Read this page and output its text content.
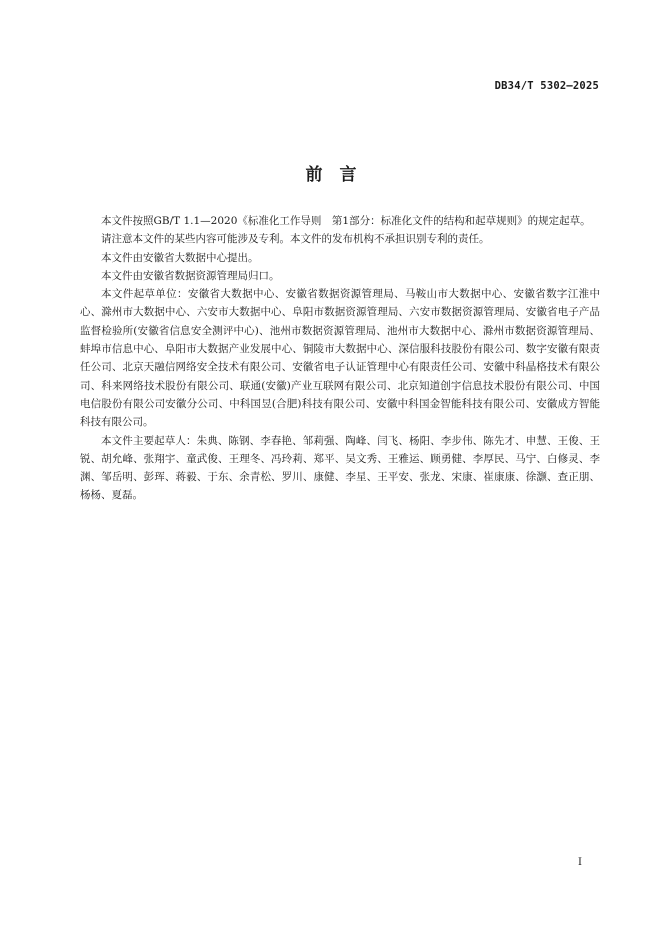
DB34/T 5302—2025
前　言

本文件按照GB/T 1.1—2020《标准化工作导则　第1部分：标准化文件的结构和起草规则》的规定起草。

请注意本文件的某些内容可能涉及专利。本文件的发布机构不承担识别专利的责任。

本文件由安徽省大数据中心提出。

本文件由安徽省数据资源管理局归口。

本文件起草单位：安徽省大数据中心、安徽省数据资源管理局、马鞍山市大数据中心、安徽省数字江淮中心、滁州市大数据中心、六安市大数据中心、阜阳市数据资源管理局、六安市数据资源管理局、安徽省电子产品监督检验所(安徽省信息安全测评中心)、池州市数据资源管理局、池州市大数据中心、滁州市数据资源管理局、蚌埠市信息中心、阜阳市大数据产业发展中心、铜陵市大数据中心、深信服科技股份有限公司、数字安徽有限责任公司、北京天融信网络安全技术有限公司、安徽省电子认证管理中心有限责任公司、安徽中科晶格技术有限公司、科来网络技术股份有限公司、联通(安徽)产业互联网有限公司、北京知道创宇信息技术股份有限公司、中国电信股份有限公司安徽分公司、中科国昱(合肥)科技有限公司、安徽中科国金智能科技有限公司、安徽成方智能科技有限公司。

本文件主要起草人：朱典、陈钢、李春艳、邹莉强、陶峰、闫飞、杨阳、李步伟、陈先才、申慧、王俊、王锐、胡允峰、张翔宇、童武俊、王理冬、冯玲莉、郑平、吴文秀、王雅运、顾勇健、李厚民、马宁、白修灵、李渊、邹岳明、彭珲、蒋毅、于东、余青松、罗川、康健、李星、王平安、张龙、宋康、崔康康、徐灏、查正朋、杨杨、夏磊。

I
